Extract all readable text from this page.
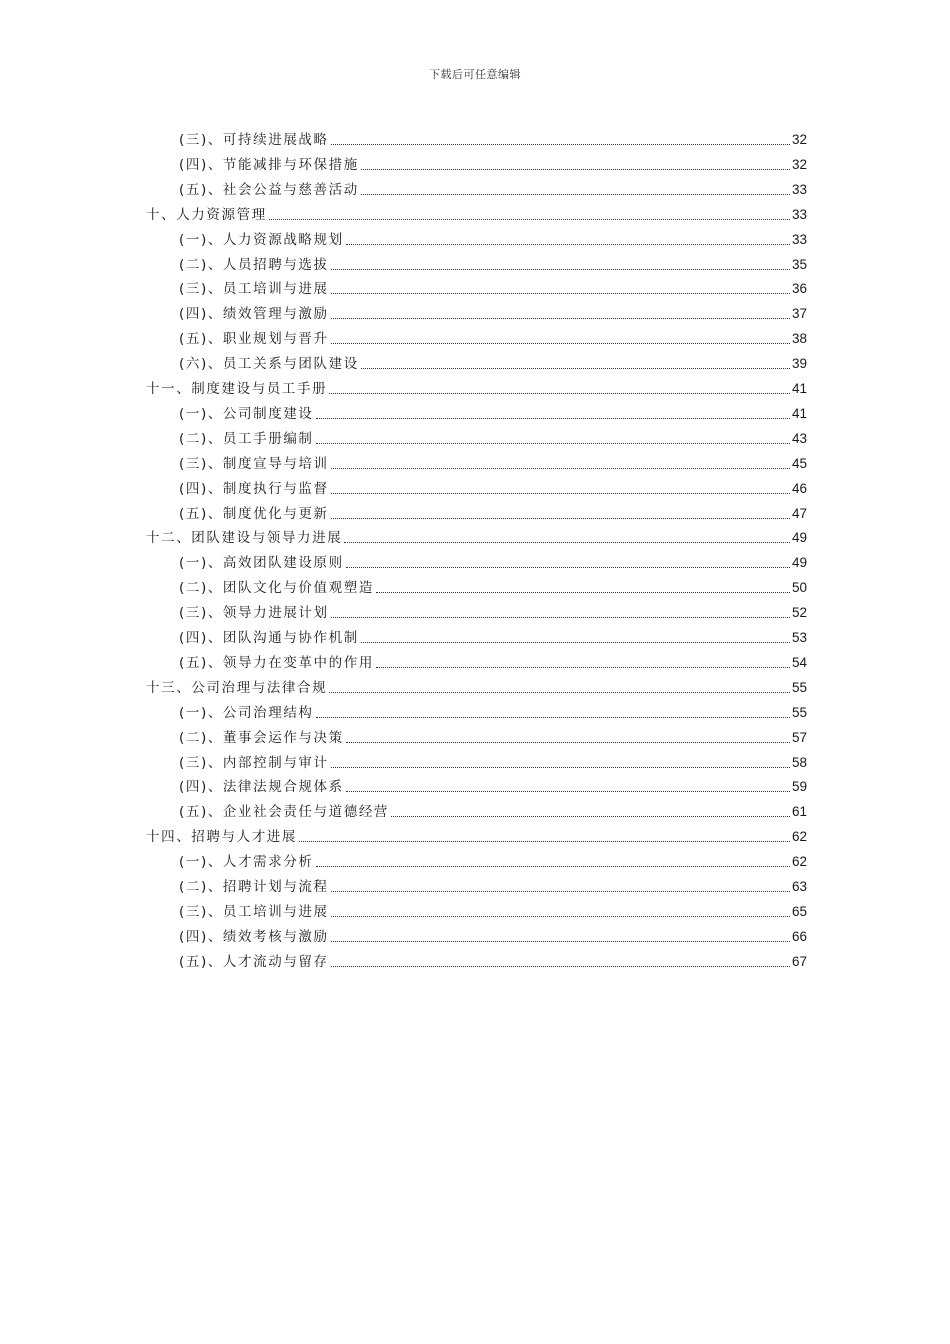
下载后可任意编辑
(三)、可持续进展战略	32
(四)、节能减排与环保措施	32
(五)、社会公益与慈善活动	33
十、人力资源管理	33
(一)、人力资源战略规划	33
(二)、人员招聘与选拔	35
(三)、员工培训与进展	36
(四)、绩效管理与激励	37
(五)、职业规划与晋升	38
(六)、员工关系与团队建设	39
十一、制度建设与员工手册	41
(一)、公司制度建设	41
(二)、员工手册编制	43
(三)、制度宣导与培训	45
(四)、制度执行与监督	46
(五)、制度优化与更新	47
十二、团队建设与领导力进展	49
(一)、高效团队建设原则	49
(二)、团队文化与价值观塑造	50
(三)、领导力进展计划	52
(四)、团队沟通与协作机制	53
(五)、领导力在变革中的作用	54
十三、公司治理与法律合规	55
(一)、公司治理结构	55
(二)、董事会运作与决策	57
(三)、内部控制与审计	58
(四)、法律法规合规体系	59
(五)、企业社会责任与道德经营	61
十四、招聘与人才进展	62
(一)、人才需求分析	62
(二)、招聘计划与流程	63
(三)、员工培训与进展	65
(四)、绩效考核与激励	66
(五)、人才流动与留存	67
